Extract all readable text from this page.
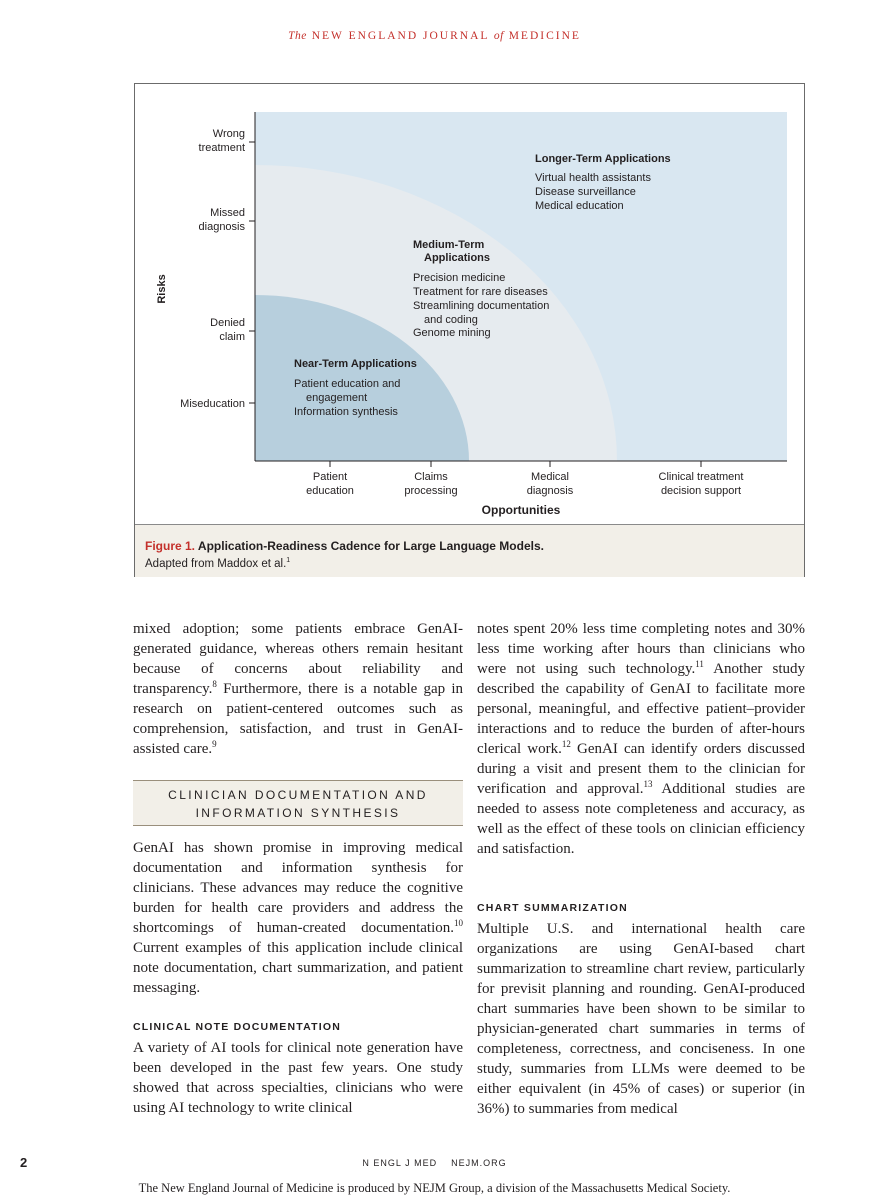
The NEW ENGLAND JOURNAL of MEDICINE
Wrong
treatment
Missed
diagnosis
Denied
claim
Miseducation
Risks
Patient
education
Claims
processing
Medical
diagnosis
Clinical treatment
decision support
Opportunities
Longer-Term Applications
Virtual health assistants
Disease surveillance
Medical education
Medium-Term
Applications
Precision medicine
Treatment for rare diseases
Streamlining documentation
and coding
Genome mining
Near-Term Applications
Patient education and
engagement
Information synthesis
Figure 1. Application-Readiness Cadence for Large Language Models.
Adapted from Maddox et al.$^1$

mixed adoption; some patients embrace GenAI-generated guidance, whereas others remain hesitant because of concerns about reliability and transparency.$^8$ Furthermore, there is a notable gap in research on patient-centered outcomes such as comprehension, satisfaction, and trust in GenAI-assisted care.$^9$

CLINICIAN DOCUMENTATION AND
INFORMATION SYNTHESIS

GenAI has shown promise in improving medical documentation and information synthesis for clinicians. These advances may reduce the cognitive burden for health care providers and address the shortcomings of human-created documentation.$^{10}$ Current examples of this application include clinical note documentation, chart summarization, and patient messaging.

CLINICAL NOTE DOCUMENTATION

A variety of AI tools for clinical note generation have been developed in the past few years. One study showed that across specialties, clinicians who were using AI technology to write clinical

notes spent 20% less time completing notes and 30% less time working after hours than clinicians who were not using such technology.$^{11}$ Another study described the capability of GenAI to facilitate more personal, meaningful, and effective patient–provider interactions and to reduce the burden of after-hours clerical work.$^{12}$ GenAI can identify orders discussed during a visit and present them to the clinician for verification and approval.$^{13}$ Additional studies are needed to assess note completeness and accuracy, as well as the effect of these tools on clinician efficiency and satisfaction.

CHART SUMMARIZATION

Multiple U.S. and international health care organizations are using GenAI-based chart summarization to streamline chart review, particularly for previsit planning and rounding. GenAI-produced chart summaries have been shown to be similar to physician-generated chart summaries in terms of completeness, correctness, and conciseness. In one study, summaries from LLMs were deemed to be either equivalent (in 45% of cases) or superior (in 36%) to summaries from medical

2	N ENGL J MED NEJM.ORG
The New England Journal of Medicine is produced by NEJM Group, a division of the Massachusetts Medical Society.
